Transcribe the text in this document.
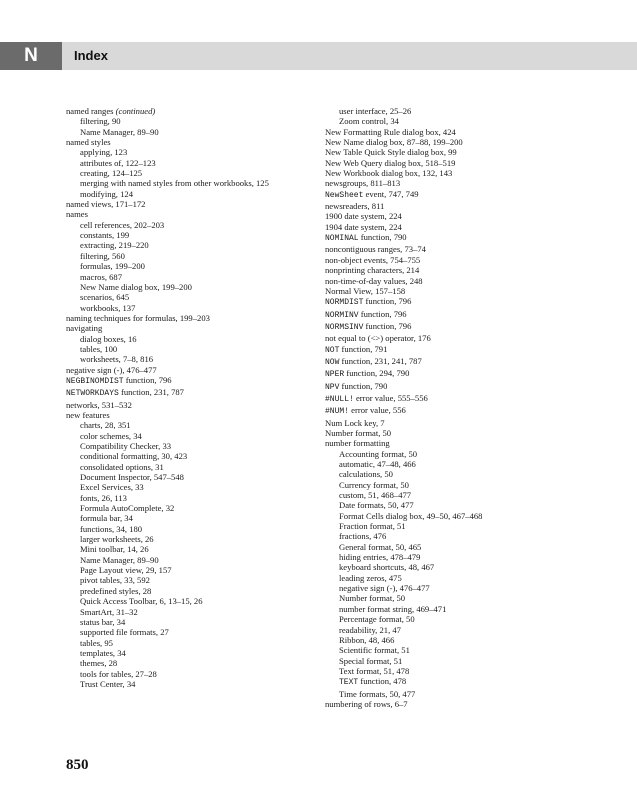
N	Index
named ranges (continued)
filtering, 90
Name Manager, 89–90
named styles
applying, 123
attributes of, 122–123
creating, 124–125
merging with named styles from other workbooks, 125
modifying, 124
named views, 171–172
names
cell references, 202–203
constants, 199
extracting, 219–220
filtering, 560
formulas, 199–200
macros, 687
New Name dialog box, 199–200
scenarios, 645
workbooks, 137
naming techniques for formulas, 199–203
navigating
dialog boxes, 16
tables, 100
worksheets, 7–8, 816
negative sign (-), 476–477
NEGBINOMDIST function, 796
NETWORKDAYS function, 231, 787
networks, 531–532
new features
charts, 28, 351
color schemes, 34
Compatibility Checker, 33
conditional formatting, 30, 423
consolidated options, 31
Document Inspector, 547–548
Excel Services, 33
fonts, 26, 113
Formula AutoComplete, 32
formula bar, 34
functions, 34, 180
larger worksheets, 26
Mini toolbar, 14, 26
Name Manager, 89–90
Page Layout view, 29, 157
pivot tables, 33, 592
predefined styles, 28
Quick Access Toolbar, 6, 13–15, 26
SmartArt, 31–32
status bar, 34
supported file formats, 27
tables, 95
templates, 34
themes, 28
tools for tables, 27–28
Trust Center, 34
user interface, 25–26
Zoom control, 34
New Formatting Rule dialog box, 424
New Name dialog box, 87–88, 199–200
New Table Quick Style dialog box, 99
New Web Query dialog box, 518–519
New Workbook dialog box, 132, 143
newsgroups, 811–813
NewSheet event, 747, 749
newsreaders, 811
1900 date system, 224
1904 date system, 224
NOMINAL function, 790
noncontiguous ranges, 73–74
non-object events, 754–755
nonprinting characters, 214
non-time-of-day values, 248
Normal View, 157–158
NORMDIST function, 796
NORMINV function, 796
NORMSINV function, 796
not equal to (<>) operator, 176
NOT function, 791
NOW function, 231, 241, 787
NPER function, 294, 790
NPV function, 790
#NULL! error value, 555–556
#NUM! error value, 556
Num Lock key, 7
Number format, 50
number formatting
Accounting format, 50
automatic, 47–48, 466
calculations, 50
Currency format, 50
custom, 51, 468–477
Date formats, 50, 477
Format Cells dialog box, 49–50, 467–468
Fraction format, 51
fractions, 476
General format, 50, 465
hiding entries, 478–479
keyboard shortcuts, 48, 467
leading zeros, 475
negative sign (-), 476–477
Number format, 50
number format string, 469–471
Percentage format, 50
readability, 21, 47
Ribbon, 48, 466
Scientific format, 51
Special format, 51
Text format, 51, 478
TEXT function, 478
Time formats, 50, 477
numbering of rows, 6–7
850
